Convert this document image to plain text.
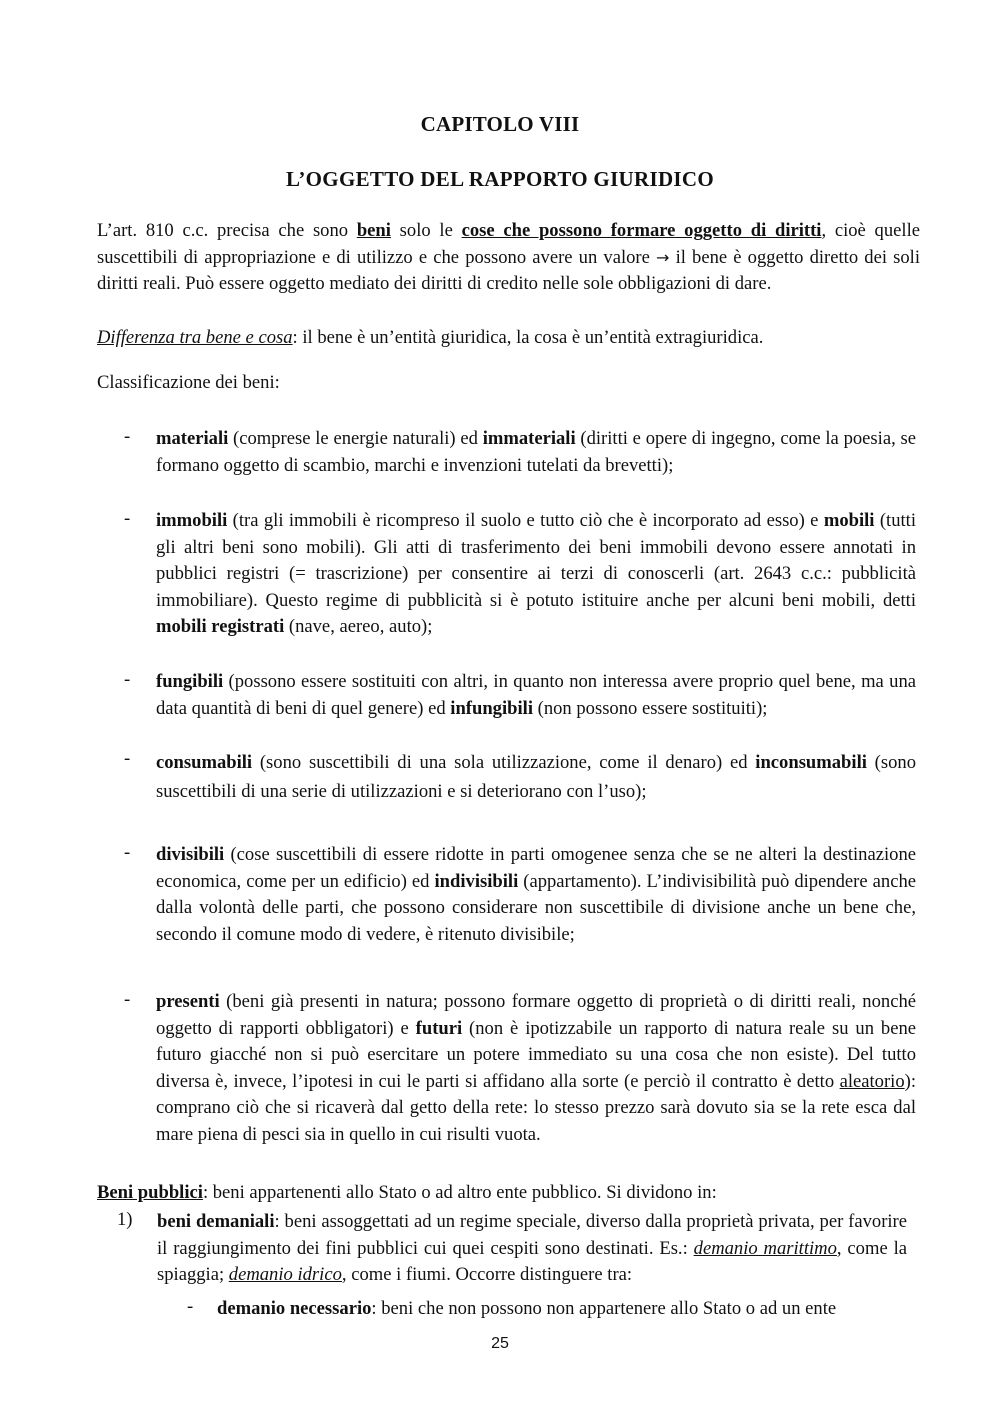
CAPITOLO VIII
L’OGGETTO DEL RAPPORTO GIURIDICO
L’art. 810 c.c. precisa che sono beni solo le cose che possono formare oggetto di diritti, cioè quelle suscettibili di appropriazione e di utilizzo e che possono avere un valore → il bene è oggetto diretto dei soli diritti reali. Può essere oggetto mediato dei diritti di credito nelle sole obbligazioni di dare.
Differenza tra bene e cosa: il bene è un’entità giuridica, la cosa è un’entità extragiuridica.
Classificazione dei beni:
- materiali (comprese le energie naturali) ed immateriali (diritti e opere di ingegno, come la poesia, se formano oggetto di scambio, marchi e invenzioni tutelati da brevetti);
- immobili (tra gli immobili è ricompreso il suolo e tutto ciò che è incorporato ad esso) e mobili (tutti gli altri beni sono mobili). Gli atti di trasferimento dei beni immobili devono essere annotati in pubblici registri (= trascrizione) per consentire ai terzi di conoscerli (art. 2643 c.c.: pubblicità immobiliare). Questo regime di pubblicità si è potuto istituire anche per alcuni beni mobili, detti mobili registrati (nave, aereo, auto);
- fungibili (possono essere sostituiti con altri, in quanto non interessa avere proprio quel bene, ma una data quantità di beni di quel genere) ed infungibili (non possono essere sostituiti);
- consumabili (sono suscettibili di una sola utilizzazione, come il denaro) ed inconsumabili (sono suscettibili di una serie di utilizzazioni e si deteriorano con l’uso);
- divisibili (cose suscettibili di essere ridotte in parti omogenee senza che se ne alteri la destinazione economica, come per un edificio) ed indivisibili (appartamento). L’indivisibilità può dipendere anche dalla volontà delle parti, che possono considerare non suscettibile di divisione anche un bene che, secondo il comune modo di vedere, è ritenuto divisibile;
- presenti (beni già presenti in natura; possono formare oggetto di proprietà o di diritti reali, nonché oggetto di rapporti obbligatori) e futuri (non è ipotizzabile un rapporto di natura reale su un bene futuro giacché non si può esercitare un potere immediato su una cosa che non esiste). Del tutto diversa è, invece, l’ipotesi in cui le parti si affidano alla sorte (e perciò il contratto è detto aleatorio): comprano ciò che si ricaverà dal getto della rete: lo stesso prezzo sarà dovuto sia se la rete esca dal mare piena di pesci sia in quello in cui risulti vuota.
Beni pubblici: beni appartenenti allo Stato o ad altro ente pubblico. Si dividono in:
1) beni demaniali: beni assoggettati ad un regime speciale, diverso dalla proprietà privata, per favorire il raggiungimento dei fini pubblici cui quei cespiti sono destinati. Es.: demanio marittimo, come la spiaggia; demanio idrico, come i fiumi. Occorre distinguere tra:
- demanio necessario: beni che non possono non appartenere allo Stato o ad un ente
25
